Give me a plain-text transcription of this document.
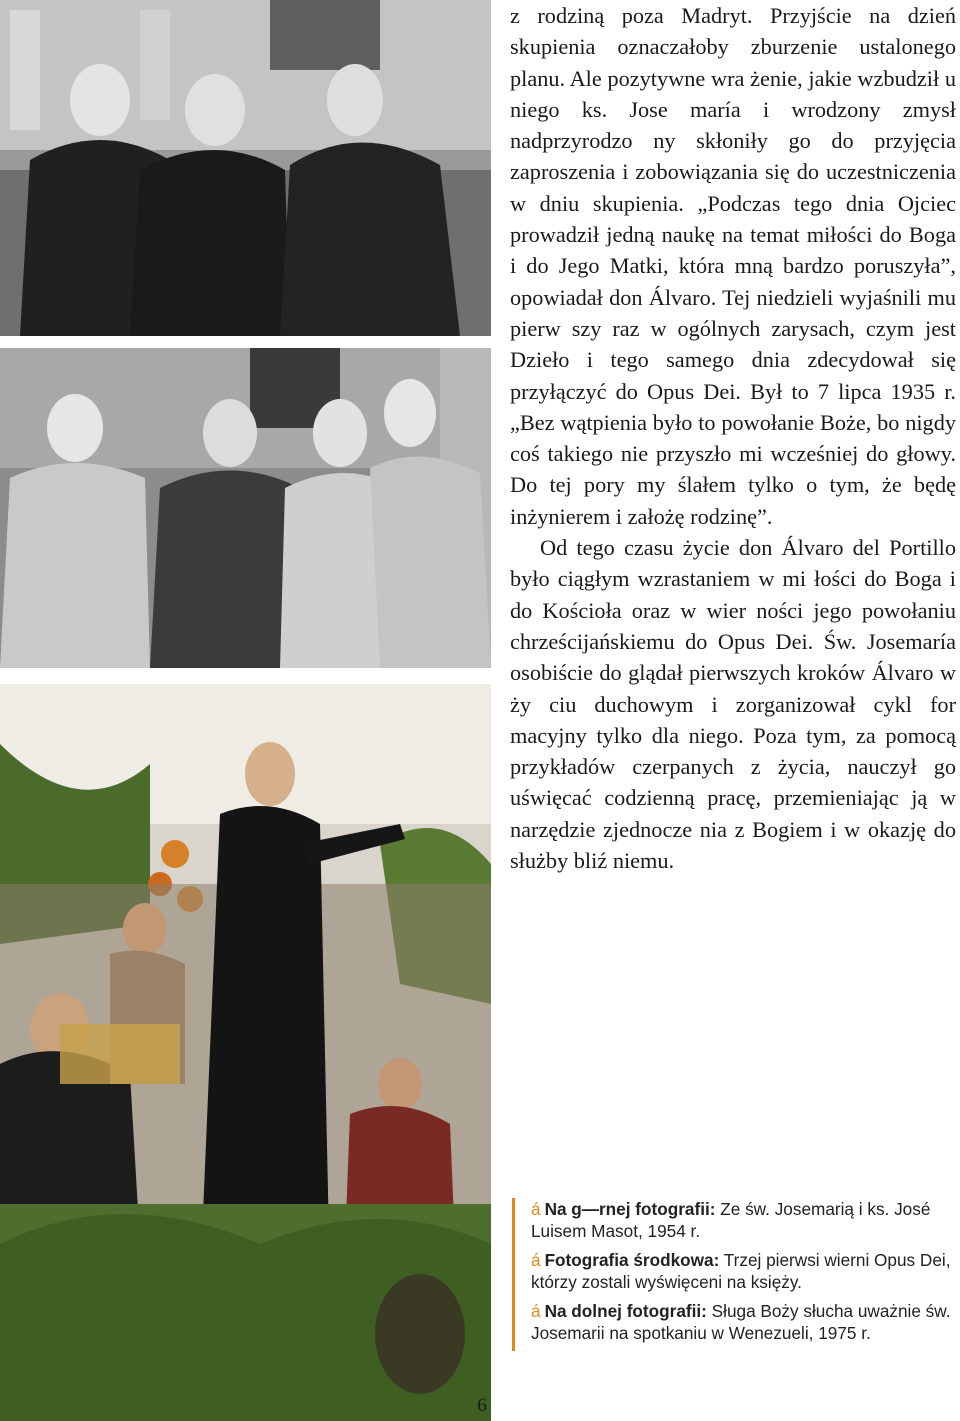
z rodziną poza Madryt. Przyjście na dzień skupienia oznaczałoby zburzenie ustalonego planu. Ale pozytywne wra żenie, jakie wzbudził u niego ks. Jose maría i wrodzony zmysł nadprzyrodzo ny skłoniły go do przyjęcia zaproszenia i zobowiązania się do uczestniczenia w dniu skupienia. „Podczas tego dnia Ojciec prowadził jedną naukę na temat miłości do Boga i do Jego Matki, która mną bardzo poruszyła”, opowiadał don Álvaro. Tej niedzieli wyjaśnili mu pierw szy raz w ogólnych zarysach, czym jest Dzieło i tego samego dnia zdecydował się przyłączyć do Opus Dei. Był to 7 lipca 1935 r. „Bez wątpienia było to powołanie Boże, bo nigdy coś takiego nie przyszło mi wcześniej do głowy. Do tej pory my ślałem tylko o tym, że będę inżynierem i założę rodzinę”.

Od tego czasu życie don Álvaro del Portillo było ciągłym wzrastaniem w mi łości do Boga i do Kościoła oraz w wier ności jego powołaniu chrześcijańskiemu do Opus Dei. Św. Josemaría osobiście do glądał pierwszych kroków Álvaro w ży ciu duchowym i zorganizował cykl for macyjny tylko dla niego. Poza tym, za pomocą przykładów czerpanych z życia, nauczył go uświęcać codzienną pracę, przemieniając ją w narzędzie zjednocze nia z Bogiem i w okazję do służby bliź niemu.

á Na g—rnej fotografii: Ze św. Josemarią i ks. José Luisem Masot, 1954 r.

á Fotografia środkowa: Trzej pierwsi wierni Opus Dei, którzy zostali wyświęceni na księży.

á Na dolnej fotografii: Sługa Boży słucha uważnie św. Josemarii na spotkaniu w Wenezueli, 1975 r.

6
